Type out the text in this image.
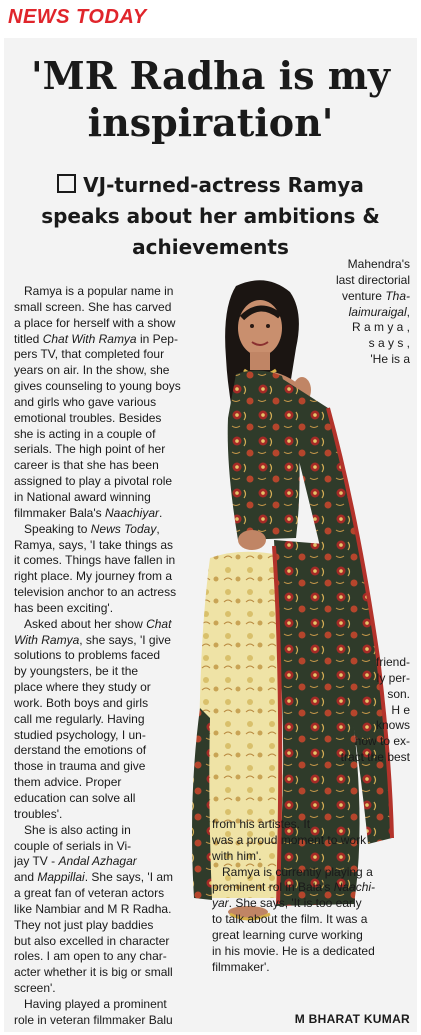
NEWS TODAY
'MR Radha is my
inspiration'
VJ-turned-actress Ramya
speaks about her ambitions &
achievements
Ramya is a popular name in
small screen. She has carved
a place for herself with a show
titled Chat With Ramya in Pep-
pers TV, that completed four
years on air. In the show, she
gives counseling to young boys
and girls who gave various
emotional troubles. Besides
she is acting in a couple of
serials. The high point of her
career is that she has been
assigned to play a pivotal role
in National award winning
filmmaker Bala's Naachiyar.
Speaking to News Today,
Ramya, says, 'I take things as
it comes. Things have fallen in
right place. My journey from a
television anchor to an actress
has been exciting'.
Asked about her show Chat
With Ramya, she says, 'I give
solutions to problems faced
by youngsters, be it the
place where they study or
work. Both boys and girls
call me regularly. Having
studied psychology, I un-
derstand the emotions of
those in trauma and give
them advice. Proper
education can solve all
troubles'.
She is also acting in
couple of serials in Vi-
jay TV - Andal Azhagar
and Mappillai. She says, 'I am
a great fan of veteran actors
like Nambiar and M R Radha.
They not just play baddies
but also excelled in character
roles. I am open to any char-
acter whether it is big or small
screen'.
Having played a prominent
role in veteran filmmaker Balu
Mahendra's
last directorial
venture Tha-
laimuraigal,
R a m y a ,
s a y s ,
'He is a
friend-
ly per-
son.
H e
knows
how to ex-
tract the best
from his artistes. It
was a proud moment to work
with him'.
Ramya is currently playing a
prominent rol in Bala's Naachi-
yar. She says, 'It is too early
to talk about the film. It was a
great learning curve working
in his movie. He is a dedicated
filmmaker'.
M BHARAT KUMAR
